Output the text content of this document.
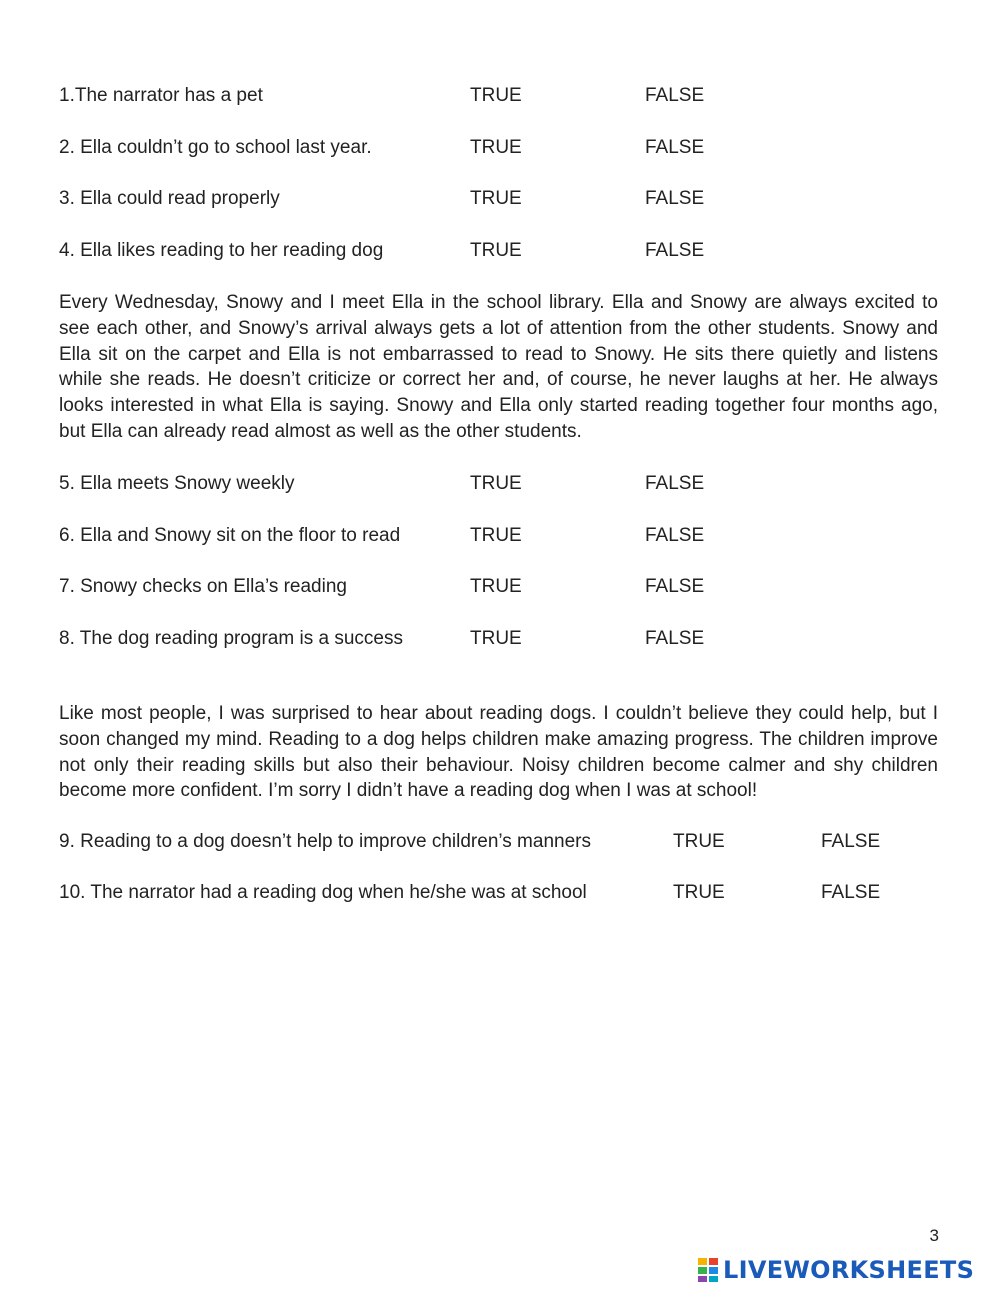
1.The narrator has a pet	TRUE	FALSE
2. Ella couldn’t go to school last year.	TRUE	FALSE
3. Ella could read properly	TRUE	FALSE
4. Ella likes reading to her reading dog	TRUE	FALSE

Every Wednesday, Snowy and I meet Ella in the school library. Ella and Snowy are always excited to see each other, and Snowy’s arrival always gets a lot of attention from the other students. Snowy and Ella sit on the carpet and Ella is not embarrassed to read to Snowy. He sits there quietly and listens while she reads. He doesn’t criticize or correct her and, of course, he never laughs at her. He always looks interested in what Ella is saying. Snowy and Ella only started reading together four months ago, but Ella can already read almost as well as the other students.

5. Ella meets Snowy weekly	TRUE	FALSE
6. Ella and Snowy sit on the floor to read	TRUE	FALSE
7. Snowy checks on Ella’s reading	TRUE	FALSE
8. The dog reading program is a success	TRUE	FALSE

Like most people, I was surprised to hear about reading dogs. I couldn’t believe they could help, but I soon changed my mind. Reading to a dog helps children make amazing progress. The children improve not only their reading skills but also their behaviour. Noisy children become calmer and shy children become more confident. I’m sorry I didn’t have a reading dog when I was at school!

9. Reading to a dog doesn’t help to improve children’s manners	TRUE	FALSE
10. The narrator had a reading dog when he/she was at school	TRUE	FALSE
3
LIVEWORKSHEETS
